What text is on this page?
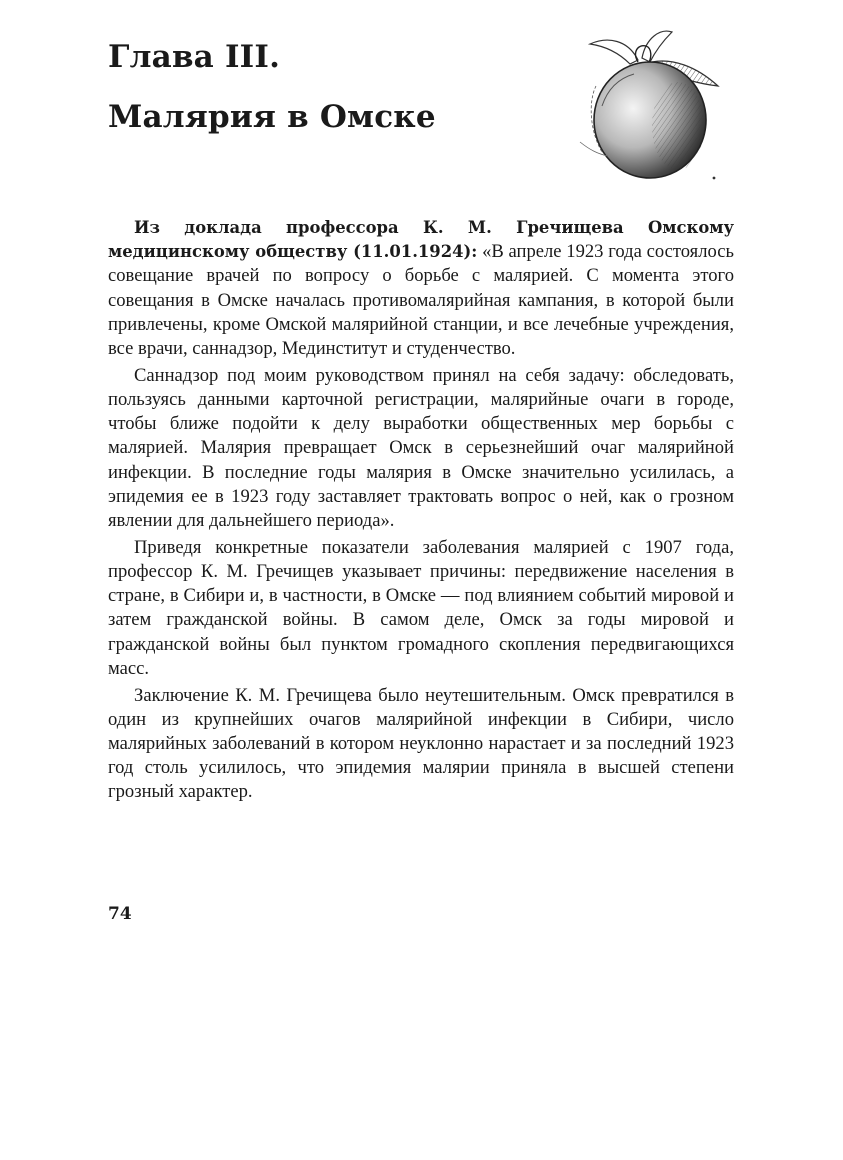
Глава III.
Малярия в Омске

Из доклада профессора К. М. Гречищева Омскому медицинскому обществу (11.01.1924): «В апреле 1923 года состоялось совещание врачей по вопросу о борьбе с малярией. С момента этого совещания в Омске началась противомалярийная кампания, в которой были привлечены, кроме Омской малярийной станции, и все лечебные учреждения, все врачи, саннадзор, Мединститут и студенчество.

Саннадзор под моим руководством принял на себя задачу: обследовать, пользуясь данными карточной регистрации, малярийные очаги в городе, чтобы ближе подойти к делу выработки общественных мер борьбы с малярией. Малярия превращает Омск в серьезнейший очаг малярийной инфекции. В последние годы малярия в Омске значительно усилилась, а эпидемия ее в 1923 году заставляет трактовать вопрос о ней, как о грозном явлении для дальнейшего периода».

Приведя конкретные показатели заболевания малярией с 1907 года, профессор К. М. Гречищев указывает причины: передвижение населения в стране, в Сибири и, в частности, в Омске — под влиянием событий мировой и затем гражданской войны. В самом деле, Омск за годы мировой и гражданской войны был пунктом громадного скопления передвигающихся масс.

Заключение К. М. Гречищева было неутешительным. Омск превратился в один из крупнейших очагов малярийной инфекции в Сибири, число малярийных заболеваний в котором неуклонно нарастает и за последний 1923 год столь усилилось, что эпидемия малярии приняла в высшей степени грозный характер.

74
